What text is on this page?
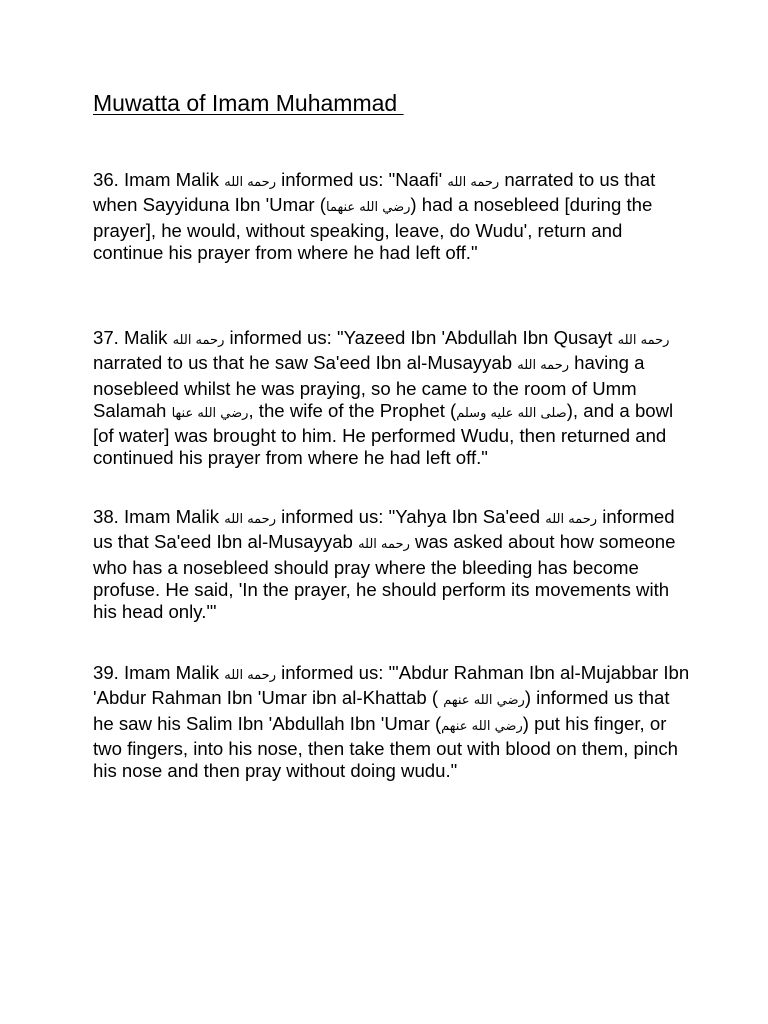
Muwatta of Imam Muhammad

36. Imam Malik رحمه الله informed us: "Naafi' رحمه الله narrated to us that when Sayyiduna Ibn 'Umar (رضي الله عنهما) had a nosebleed [during the prayer], he would, without speaking, leave, do Wudu', return and continue his prayer from where he had left off."

37. Malik رحمه الله informed us: "Yazeed Ibn 'Abdullah Ibn Qusayt رحمه الله narrated to us that he saw Sa'eed Ibn al-Musayyab رحمه الله having a nosebleed whilst he was praying, so he came to the room of Umm Salamah رضي الله عنها, the wife of the Prophet (صلى الله عليه وسلم), and a bowl [of water] was brought to him. He performed Wudu, then returned and continued his prayer from where he had left off."

38. Imam Malik رحمه الله informed us: "Yahya Ibn Sa'eed رحمه الله informed us that Sa'eed Ibn al-Musayyab رحمه الله was asked about how someone who has a nosebleed should pray where the bleeding has become profuse. He said, 'In the prayer, he should perform its movements with his head only.'"

39. Imam Malik رحمه الله informed us: "'Abdur Rahman Ibn al-Mujabbar Ibn 'Abdur Rahman Ibn 'Umar ibn al-Khattab ( رضي الله عنهم) informed us that he saw his Salim Ibn 'Abdullah Ibn 'Umar (رضي الله عنهم) put his finger, or two fingers, into his nose, then take them out with blood on them, pinch his nose and then pray without doing wudu."
